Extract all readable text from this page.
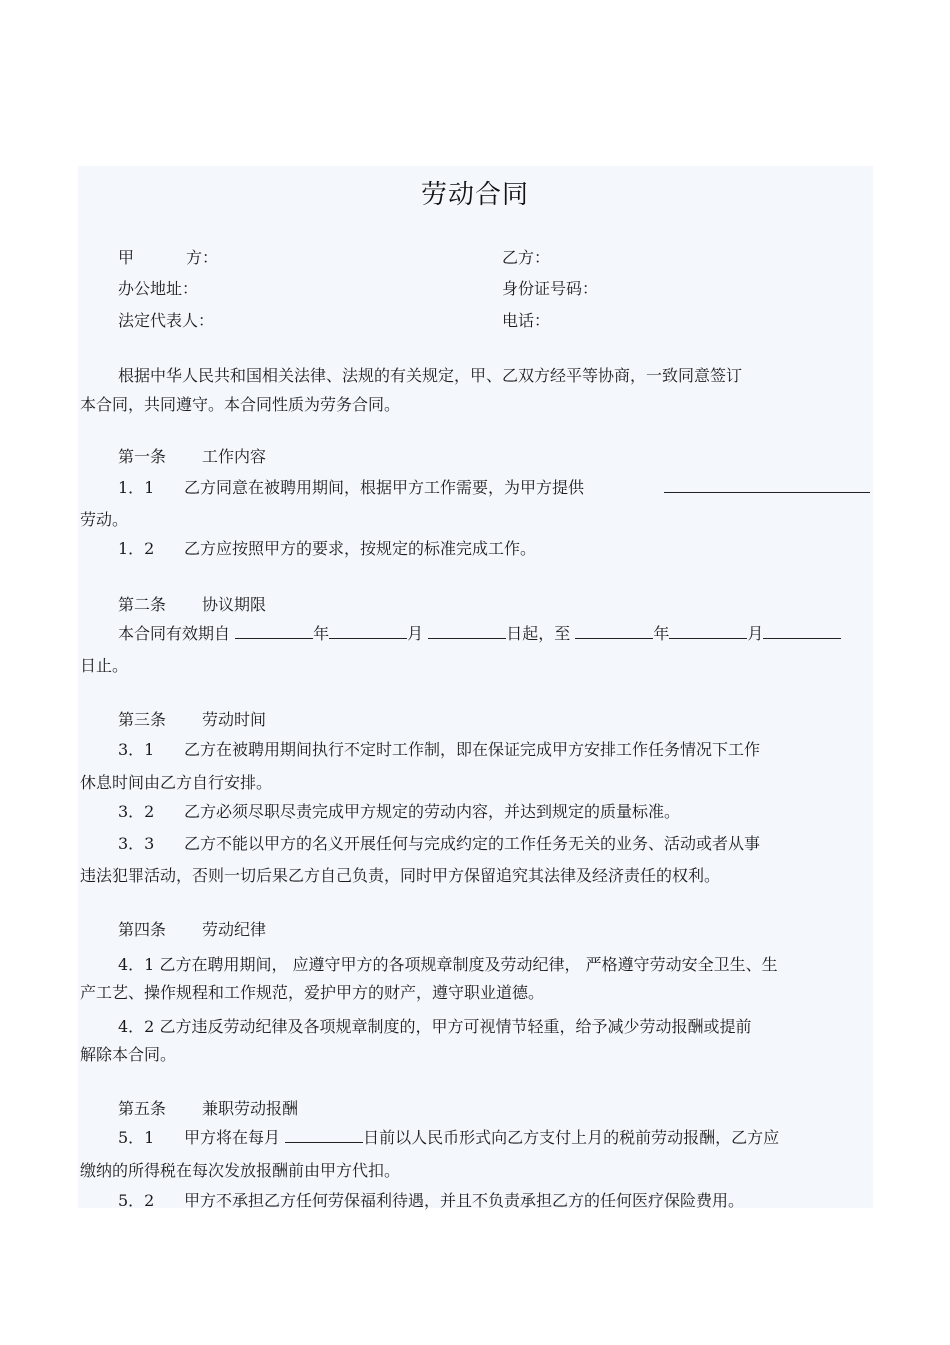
劳动合同
甲	方：	乙方：
办公地址：	身份证号码：
法定代表人：	电话：
根据中华人民共和国相关法律、法规的有关规定，甲、乙双方经平等协商，一致同意签订
本合同，共同遵守。本合同性质为劳务合同。
第一条 工作内容
1．1 乙方同意在被聘用期间，根据甲方工作需要，为甲方提供
劳动。
1．2 乙方应按照甲方的要求，按规定的标准完成工作。
第二条 协议期限
本合同有效期自	年	月	日起，至	年	月
日止。
第三条 劳动时间
3．1 乙方在被聘用期间执行不定时工作制，即在保证完成甲方安排工作任务情况下工作
休息时间由乙方自行安排。
3．2 乙方必须尽职尽责完成甲方规定的劳动内容，并达到规定的质量标准。
3．3 乙方不能以甲方的名义开展任何与完成约定的工作任务无关的业务、活动或者从事
违法犯罪活动，否则一切后果乙方自己负责，同时甲方保留追究其法律及经济责任的权利。
第四条 劳动纪律
4．1 乙方在聘用期间， 应遵守甲方的各项规章制度及劳动纪律， 严格遵守劳动安全卫生、生
产工艺、操作规程和工作规范，爱护甲方的财产，遵守职业道德。
4．2 乙方违反劳动纪律及各项规章制度的，甲方可视情节轻重，给予减少劳动报酬或提前
解除本合同。
第五条 兼职劳动报酬
5．1 甲方将在每月	日前以人民币形式向乙方支付上月的税前劳动报酬，乙方应
缴纳的所得税在每次发放报酬前由甲方代扣。
5．2 甲方不承担乙方任何劳保福利待遇，并且不负责承担乙方的任何医疗保险费用。
